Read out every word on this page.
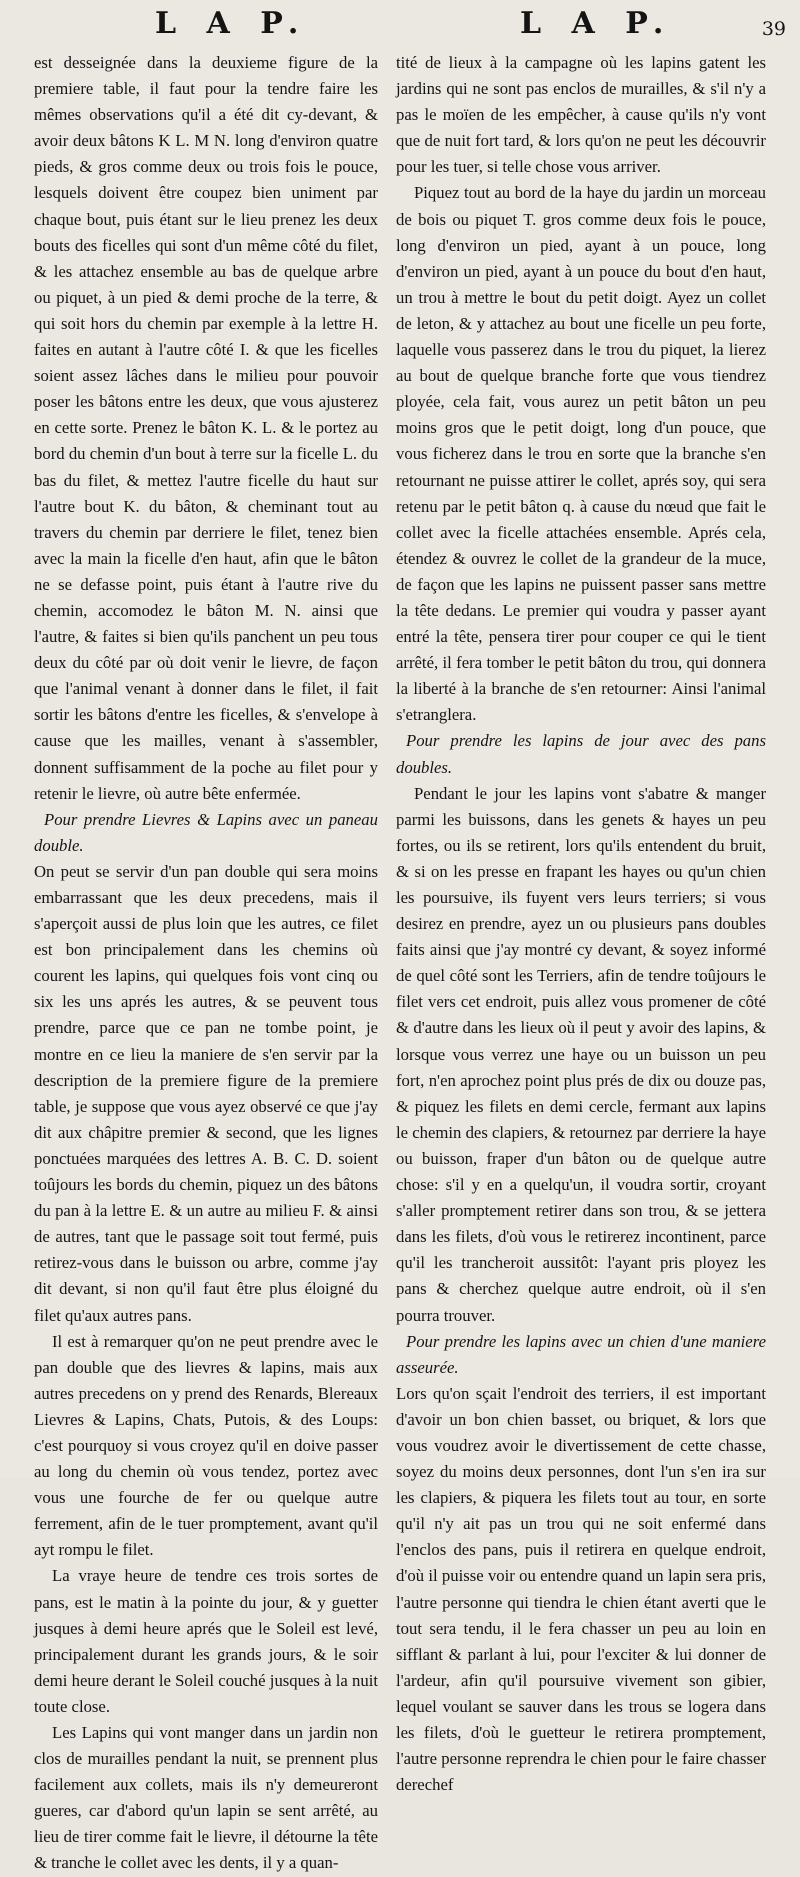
L A P.	L A P.	39

est desseignée dans la deuxieme figure de la premiere table, il faut pour la tendre faire les mêmes observations qu'il a été dit cy-devant, & avoir deux bâtons K L. M N. long d'environ quatre pieds, & gros comme deux ou trois fois le pouce, lesquels doivent être coupez bien uniment par chaque bout, puis étant sur le lieu prenez les deux bouts des ficelles qui sont d'un même côté du filet, & les attachez ensemble au bas de quelque arbre ou piquet, à un pied & demi proche de la terre, & qui soit hors du chemin par exemple à la lettre H. faites en autant à l'autre côté I. & que les ficelles soient assez lâches dans le milieu pour pouvoir poser les bâtons entre les deux, que vous ajusterez en cette sorte. Prenez le bâton K. L. & le portez au bord du chemin d'un bout à terre sur la ficelle L. du bas du filet, & mettez l'autre ficelle du haut sur l'autre bout K. du bâton, & cheminant tout au travers du chemin par derriere le filet, tenez bien avec la main la ficelle d'en haut, afin que le bâton ne se defasse point, puis étant à l'autre rive du chemin, accomodez le bâton M. N. ainsi que l'autre, & faites si bien qu'ils panchent un peu tous deux du côté par où doit venir le lievre, de façon que l'animal venant à donner dans le filet, il fait sortir les bâtons d'entre les ficelles, & s'envelope à cause que les mailles, venant à s'assembler, donnent suffisamment de la poche au filet pour y retenir le lievre, où autre bête enfermée.

Pour prendre Lievres & Lapins avec un paneau double.

On peut se servir d'un pan double qui sera moins embarrassant que les deux precedens, mais il s'aperçoit aussi de plus loin que les autres, ce filet est bon principalement dans les chemins où courent les lapins, qui quelques fois vont cinq ou six les uns aprés les autres, & se peuvent tous prendre, parce que ce pan ne tombe point, je montre en ce lieu la maniere de s'en servir par la description de la premiere figure de la premiere table, je suppose que vous ayez observé ce que j'ay dit aux châpitre premier & second, que les lignes ponctuées marquées des lettres A. B. C. D. soient toûjours les bords du chemin, piquez un des bâtons du pan à la lettre E. & un autre au milieu F. & ainsi de autres, tant que le passage soit tout fermé, puis retirez-vous dans le buisson ou arbre, comme j'ay dit devant, si non qu'il faut être plus éloigné du filet qu'aux autres pans.

Il est à remarquer qu'on ne peut prendre avec le pan double que des lievres & lapins, mais aux autres precedens on y prend des Renards, Blereaux Lievres & Lapins, Chats, Putois, & des Loups: c'est pourquoy si vous croyez qu'il en doive passer au long du chemin où vous tendez, portez avec vous une fourche de fer ou quelque autre ferrement, afin de le tuer promptement, avant qu'il ayt rompu le filet.

La vraye heure de tendre ces trois sortes de pans, est le matin à la pointe du jour, & y guetter jusques à demi heure aprés que le Soleil est levé, principalement durant les grands jours, & le soir demi heure derant le Soleil couché jusques à la nuit toute close.

Les Lapins qui vont manger dans un jardin non clos de murailles pendant la nuit, se prennent plus facilement aux collets, mais ils n'y demeureront gueres, car d'abord qu'un lapin se sent arrêté, au lieu de tirer comme fait le lievre, il détourne la tête & tranche le collet avec les dents, il y a quan-

tité de lieux à la campagne où les lapins gatent les jardins qui ne sont pas enclos de murailles, & s'il n'y a pas le moïen de les empêcher, à cause qu'ils n'y vont que de nuit fort tard, & lors qu'on ne peut les découvrir pour les tuer, si telle chose vous arriver.

Piquez tout au bord de la haye du jardin un morceau de bois ou piquet T. gros comme deux fois le pouce, long d'environ un pied, ayant à un pouce, long d'environ un pied, ayant à un pouce du bout d'en haut, un trou à mettre le bout du petit doigt. Ayez un collet de leton, & y attachez au bout une ficelle un peu forte, laquelle vous passerez dans le trou du piquet, la lierez au bout de quelque branche forte que vous tiendrez ployée, cela fait, vous aurez un petit bâton un peu moins gros que le petit doigt, long d'un pouce, que vous ficherez dans le trou en sorte que la branche s'en retournant ne puisse attirer le collet, aprés soy, qui sera retenu par le petit bâton q. à cause du nœud que fait le collet avec la ficelle attachées ensemble. Aprés cela, étendez & ouvrez le collet de la grandeur de la muce, de façon que les lapins ne puissent passer sans mettre la tête dedans. Le premier qui voudra y passer ayant entré la tête, pensera tirer pour couper ce qui le tient arrêté, il fera tomber le petit bâton du trou, qui donnera la liberté à la branche de s'en retourner: Ainsi l'animal s'etranglera.

Pour prendre les lapins de jour avec des pans doubles.

Pendant le jour les lapins vont s'abatre & manger parmi les buissons, dans les genets & hayes un peu fortes, ou ils se retirent, lors qu'ils entendent du bruit, & si on les presse en frapant les hayes ou qu'un chien les poursuive, ils fuyent vers leurs terriers; si vous desirez en prendre, ayez un ou plusieurs pans doubles faits ainsi que j'ay montré cy devant, & soyez informé de quel côté sont les Terriers, afin de tendre toûjours le filet vers cet endroit, puis allez vous promener de côté & d'autre dans les lieux où il peut y avoir des lapins, & lorsque vous verrez une haye ou un buisson un peu fort, n'en aprochez point plus prés de dix ou douze pas, & piquez les filets en demi cercle, fermant aux lapins le chemin des clapiers, & retournez par derriere la haye ou buisson, fraper d'un bâton ou de quelque autre chose: s'il y en a quelqu'un, il voudra sortir, croyant s'aller promptement retirer dans son trou, & se jettera dans les filets, d'où vous le retirerez incontinent, parce qu'il les trancheroit aussitôt: l'ayant pris ployez les pans & cherchez quelque autre endroit, où il s'en pourra trouver.

Pour prendre les lapins avec un chien d'une maniere asseurée.

Lors qu'on sçait l'endroit des terriers, il est important d'avoir un bon chien basset, ou briquet, & lors que vous voudrez avoir le divertissement de cette chasse, soyez du moins deux personnes, dont l'un s'en ira sur les clapiers, & piquera les filets tout au tour, en sorte qu'il n'y ait pas un trou qui ne soit enfermé dans l'enclos des pans, puis il retirera en quelque endroit, d'où il puisse voir ou entendre quand un lapin sera pris, l'autre personne qui tiendra le chien étant averti que le tout sera tendu, il le fera chasser un peu au loin en sifflant & parlant à lui, pour l'exciter & lui donner de l'ardeur, afin qu'il poursuive vivement son gibier, lequel voulant se sauver dans les trous se logera dans les filets, d'où le guetteur le retirera promptement, l'autre personne reprendra le chien pour le faire chasser derechef
